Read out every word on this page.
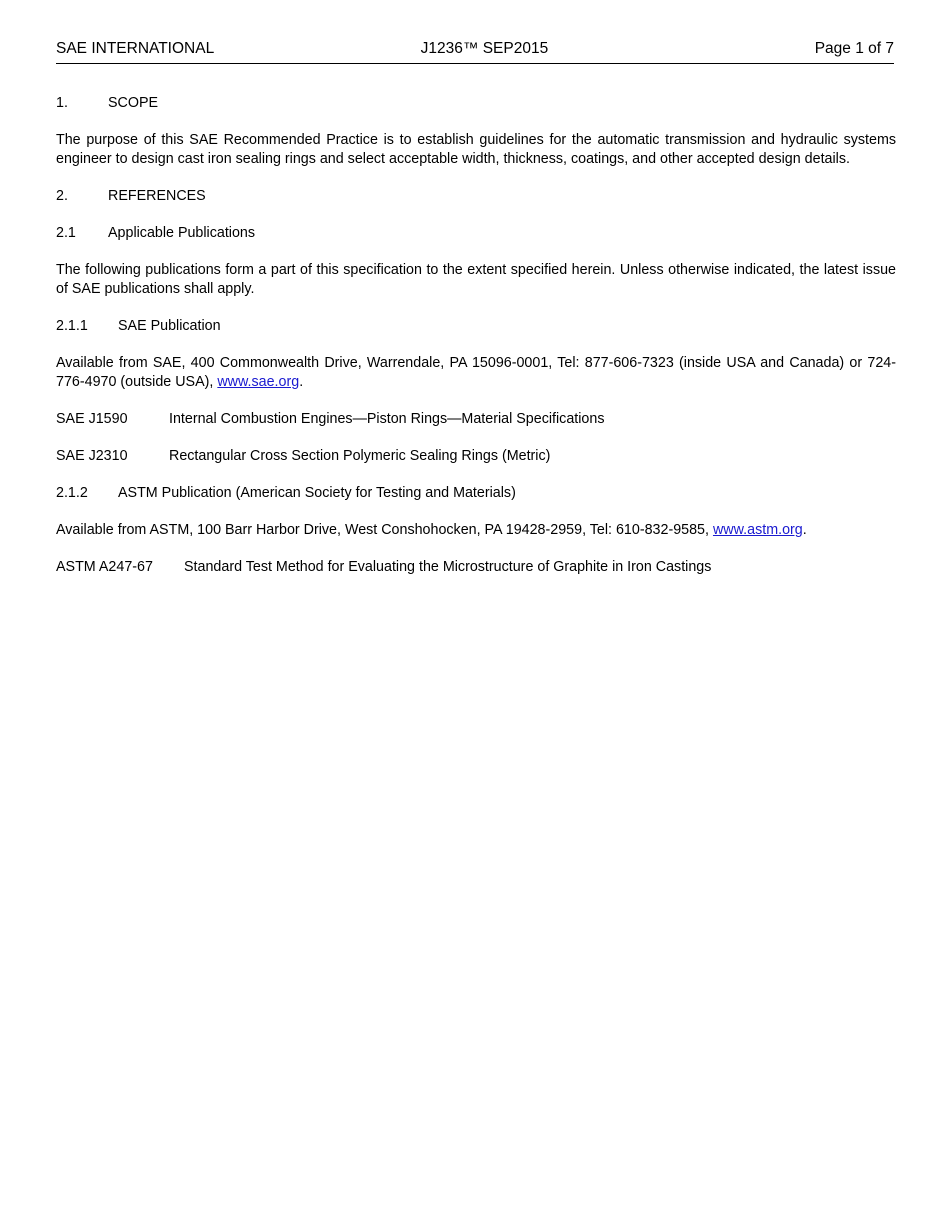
SAE INTERNATIONAL	J1236™ SEP2015	Page 1 of 7
1.	SCOPE

The purpose of this SAE Recommended Practice is to establish guidelines for the automatic transmission and hydraulic systems engineer to design cast iron sealing rings and select acceptable width, thickness, coatings, and other accepted design details.

2.	REFERENCES
2.1	Applicable Publications

The following publications form a part of this specification to the extent specified herein. Unless otherwise indicated, the latest issue of SAE publications shall apply.

2.1.1	SAE Publication

Available from SAE, 400 Commonwealth Drive, Warrendale, PA 15096-0001, Tel: 877-606-7323 (inside USA and Canada) or 724-776-4970 (outside USA), www.sae.org.

SAE J1590	Internal Combustion Engines—Piston Rings—Material Specifications
SAE J2310	Rectangular Cross Section Polymeric Sealing Rings (Metric)
2.1.2	ASTM Publication (American Society for Testing and Materials)

Available from ASTM, 100 Barr Harbor Drive, West Conshohocken, PA 19428-2959, Tel: 610-832-9585, www.astm.org.

ASTM A247-67	Standard Test Method for Evaluating the Microstructure of Graphite in Iron Castings
